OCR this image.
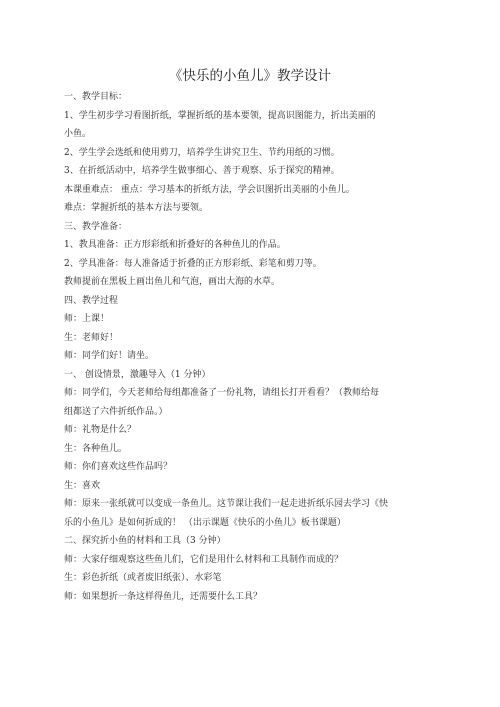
《快乐的小鱼儿》教学设计
一、教学目标：
1、学生初步学习看图折纸，掌握折纸的基本要领，提高识图能力，折出美丽的
小鱼。
2、学生学会选纸和使用剪刀，培养学生讲究卫生、节约用纸的习惯。
3、在折纸活动中，培养学生做事细心、善于观察、乐于探究的精神。
本课重难点： 重点：学习基本的折纸方法，学会识图折出美丽的小鱼儿。
难点：掌握折纸的基本方法与要领。
三、教学准备：
1、教具准备：正方形彩纸和折叠好的各种鱼儿的作品。
2、学具准备：每人准备适于折叠的正方形彩纸、彩笔和剪刀等。
教师提前在黑板上画出鱼儿和气泡，画出大海的水草。
四、教学过程
师：上课！
生：老师好！
师：同学们好！请坐。
一、 创设情景，激趣导入（1 分钟）
师：同学们，今天老师给每组都准备了一份礼物，请组长打开看看？（教师给每
组都送了六件折纸作品。）
师：礼物是什么？
生：各种鱼儿。
师：你们喜欢这些作品吗？
生：喜欢
师：原来一张纸就可以变成一条鱼儿。这节课让我们一起走进折纸乐园去学习《快
乐的小鱼儿》是如何折成的！ （出示课题《快乐的小鱼儿》板书课题）
二、探究折小鱼的材料和工具（3 分钟）
师：大家仔细观察这些鱼儿们，它们是用什么材料和工具制作而成的？
生：彩色折纸（或者废旧纸张）、水彩笔
师：如果想折一条这样得鱼儿，还需要什么工具？
